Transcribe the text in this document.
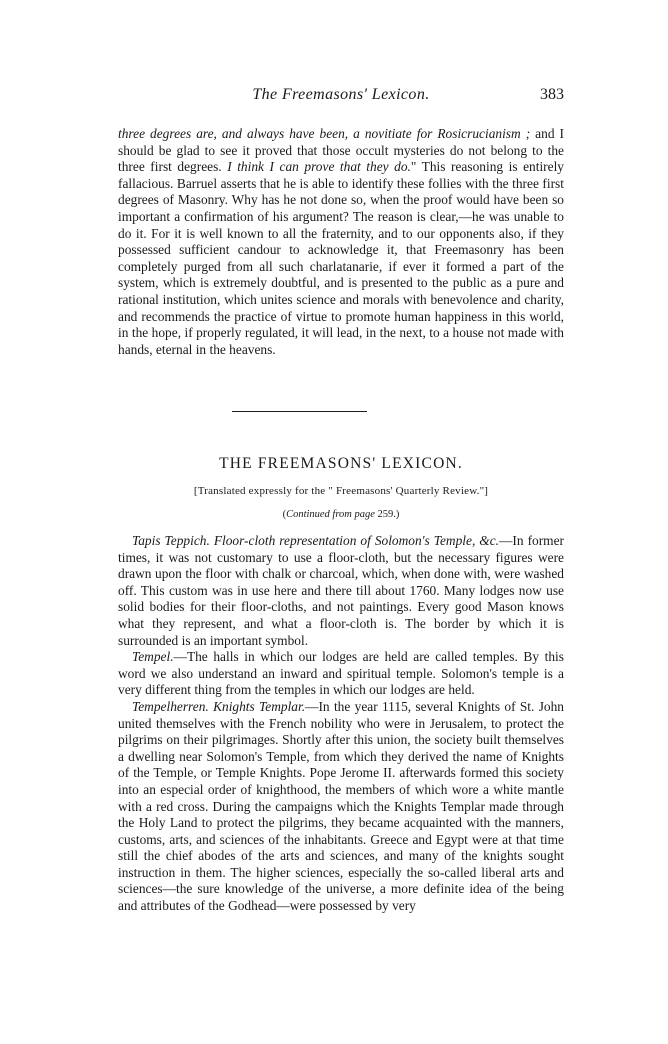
The Freemasons' Lexicon.	383

three degrees are, and always have been, a novitiate for Rosicrucianism ; and I should be glad to see it proved that those occult mysteries do not belong to the three first degrees. I think I can prove that they do." This reasoning is entirely fallacious. Barruel asserts that he is able to identify these follies with the three first degrees of Masonry. Why has he not done so, when the proof would have been so important a confirmation of his argument? The reason is clear,—he was unable to do it. For it is well known to all the fraternity, and to our opponents also, if they possessed sufficient candour to acknowledge it, that Freemasonry has been completely purged from all such charlatanarie, if ever it formed a part of the system, which is extremely doubtful, and is presented to the public as a pure and rational institution, which unites science and morals with benevolence and charity, and recommends the practice of virtue to promote human happiness in this world, in the hope, if properly regulated, it will lead, in the next, to a house not made with hands, eternal in the heavens.

THE FREEMASONS' LEXICON.
[Translated expressly for the " Freemasons' Quarterly Review."]
(Continued from page 259.)

Tapis Teppich. Floor-cloth representation of Solomon's Temple, &c.—In former times, it was not customary to use a floor-cloth, but the necessary figures were drawn upon the floor with chalk or charcoal, which, when done with, were washed off. This custom was in use here and there till about 1760. Many lodges now use solid bodies for their floor-cloths, and not paintings. Every good Mason knows what they represent, and what a floor-cloth is. The border by which it is surrounded is an important symbol.

Tempel.—The halls in which our lodges are held are called temples. By this word we also understand an inward and spiritual temple. Solomon's temple is a very different thing from the temples in which our lodges are held.

Tempelherren. Knights Templar.—In the year 1115, several Knights of St. John united themselves with the French nobility who were in Jerusalem, to protect the pilgrims on their pilgrimages. Shortly after this union, the society built themselves a dwelling near Solomon's Temple, from which they derived the name of Knights of the Temple, or Temple Knights. Pope Jerome II. afterwards formed this society into an especial order of knighthood, the members of which wore a white mantle with a red cross. During the campaigns which the Knights Templar made through the Holy Land to protect the pilgrims, they became acquainted with the manners, customs, arts, and sciences of the inhabitants. Greece and Egypt were at that time still the chief abodes of the arts and sciences, and many of the knights sought instruction in them. The higher sciences, especially the so-called liberal arts and sciences—the sure knowledge of the universe, a more definite idea of the being and attributes of the Godhead—were possessed by very
